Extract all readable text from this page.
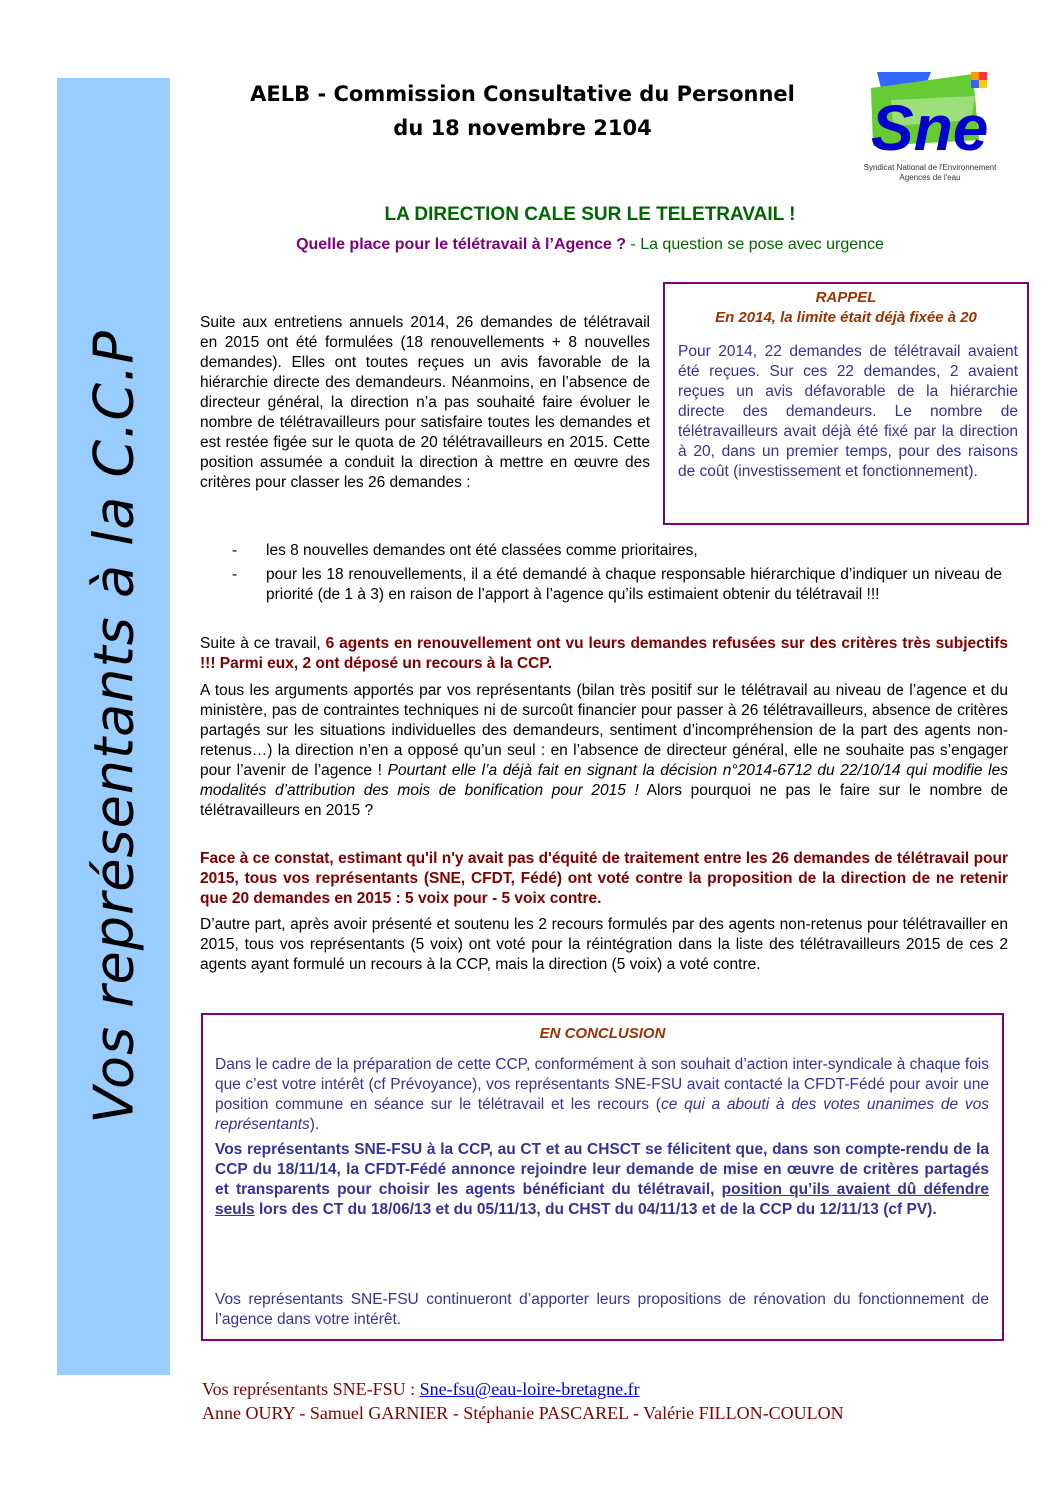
Vos représentants à la C.C.P
AELB - Commission Consultative du Personnel
du 18 novembre 2104	Sne
Syndicat National de l'Environnement Agences de l'eau
LA DIRECTION CALE SUR LE TELETRAVAIL !
Quelle place pour le télétravail à l’Agence ? - La question se pose avec urgence
Suite aux entretiens annuels 2014, 26 demandes de télétravail en 2015 ont été formulées (18 renouvellements + 8 nouvelles demandes). Elles ont toutes reçues un avis favorable de la hiérarchie directe des demandeurs. Néanmoins, en l’absence de directeur général, la direction n’a pas souhaité faire évoluer le nombre de télétravailleurs pour satisfaire toutes les demandes et est restée figée sur le quota de 20 télétravailleurs en 2015. Cette position assumée a conduit la direction à mettre en œuvre des critères pour classer les 26 demandes :
RAPPEL
En 2014, la limite était déjà fixée à 20
Pour 2014, 22 demandes de télétravail avaient été reçues. Sur ces 22 demandes, 2 avaient reçues un avis défavorable de la hiérarchie directe des demandeurs. Le nombre de télétravailleurs avait déjà été fixé par la direction à 20, dans un premier temps, pour des raisons de coût (investissement et fonctionnement).
- les 8 nouvelles demandes ont été classées comme prioritaires,
- pour les 18 renouvellements, il a été demandé à chaque responsable hiérarchique d’indiquer un niveau de priorité (de 1 à 3) en raison de l’apport à l’agence qu’ils estimaient obtenir du télétravail !!!
Suite à ce travail, 6 agents en renouvellement ont vu leurs demandes refusées sur des critères très subjectifs !!! Parmi eux, 2 ont déposé un recours à la CCP.
A tous les arguments apportés par vos représentants (bilan très positif sur le télétravail au niveau de l’agence et du ministère, pas de contraintes techniques ni de surcoût financier pour passer à 26 télétravailleurs, absence de critères partagés sur les situations individuelles des demandeurs, sentiment d’incompréhension de la part des agents non-retenus…) la direction n’en a opposé qu’un seul : en l’absence de directeur général, elle ne souhaite pas s’engager pour l’avenir de l’agence ! Pourtant elle l’a déjà fait en signant la décision n°2014-6712 du 22/10/14 qui modifie les modalités d’attribution des mois de bonification pour 2015 ! Alors pourquoi ne pas le faire sur le nombre de télétravailleurs en 2015 ?
Face à ce constat, estimant qu'il n'y avait pas d'équité de traitement entre les 26 demandes de télétravail pour 2015, tous vos représentants (SNE, CFDT, Fédé) ont voté contre la proposition de la direction de ne retenir que 20 demandes en 2015 : 5 voix pour - 5 voix contre.
D’autre part, après avoir présenté et soutenu les 2 recours formulés par des agents non-retenus pour télétravailler en 2015, tous vos représentants (5 voix) ont voté pour la réintégration dans la liste des télétravailleurs 2015 de ces 2 agents ayant formulé un recours à la CCP, mais la direction (5 voix) a voté contre.
EN CONCLUSION
Dans le cadre de la préparation de cette CCP, conformément à son souhait d’action inter-syndicale à chaque fois que c’est votre intérêt (cf Prévoyance), vos représentants SNE-FSU avait contacté la CFDT-Fédé pour avoir une position commune en séance sur le télétravail et les recours (ce qui a abouti à des votes unanimes de vos représentants).
Vos représentants SNE-FSU à la CCP, au CT et au CHSCT se félicitent que, dans son compte-rendu de la CCP du 18/11/14, la CFDT-Fédé annonce rejoindre leur demande de mise en œuvre de critères partagés et transparents pour choisir les agents bénéficiant du télétravail, position qu’ils avaient dû défendre seuls lors des CT du 18/06/13 et du 05/11/13, du CHST du 04/11/13 et de la CCP du 12/11/13 (cf PV).
Vos représentants SNE-FSU continueront d’apporter leurs propositions de rénovation du fonctionnement de l’agence dans votre intérêt.
Vos représentants SNE-FSU : Sne-fsu@eau-loire-bretagne.fr
Anne OURY - Samuel GARNIER - Stéphanie PASCAREL - Valérie FILLON-COULON
